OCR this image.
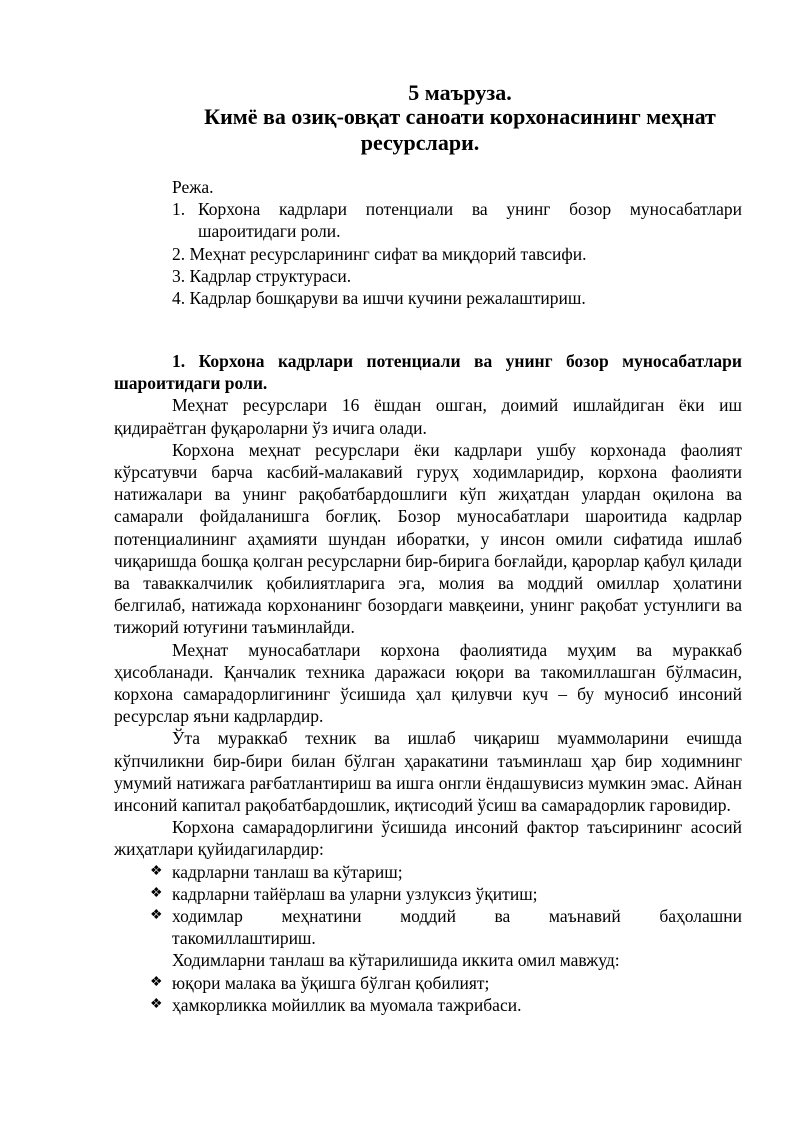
5 маъруза.
Кимё ва озиқ-овқат саноати корхонасининг меҳнат
ресурслари.

Режа.

1. Корхона кадрлари потенциали ва унинг бозор муносабатлари шароитидаги роли.
2. Меҳнат ресурсларининг сифат ва миқдорий тавсифи.
3. Кадрлар структураси.
4. Кадрлар бошқаруви ва ишчи кучини режалаштириш.

1. Корхона кадрлари потенциали ва унинг бозор муносабатлари шароитидаги роли.

Меҳнат ресурслари 16 ёшдан ошган, доимий ишлайдиган ёки иш қидираётган фуқароларни ўз ичига олади.

Корхона меҳнат ресурслари ёки кадрлари ушбу корхонада фаолият кўрсатувчи барча касбий-малакавий гуруҳ ходимларидир, корхона фаолияти натижалари ва унинг рақобатбардошлиги кўп жиҳатдан улардан оқилона ва самарали фойдаланишга боғлиқ. Бозор муносабатлари шароитида кадрлар потенциалининг аҳамияти шундан иборатки, у инсон омили сифатида ишлаб чиқаришда бошқа қолган ресурсларни бир-бирига боғлайди, қарорлар қабул қилади ва таваккалчилик қобилиятларига эга, молия ва моддий омиллар ҳолатини белгилаб, натижада корхонанинг бозордаги мавқеини, унинг рақобат устунлиги ва тижорий ютуғини таъминлайди.

Меҳнат муносабатлари корхона фаолиятида муҳим ва мураккаб ҳисобланади. Қанчалик техника даражаси юқори ва такомиллашган бўлмасин, корхона самарадорлигининг ўсишида ҳал қилувчи куч – бу муносиб инсоний ресурслар яъни кадрлардир.

Ўта мураккаб техник ва ишлаб чиқариш муаммоларини ечишда кўпчиликни бир-бири билан бўлган ҳаракатини таъминлаш ҳар бир ходимнинг умумий натижага рағбатлантириш ва ишга онгли ёндашувисиз мумкин эмас. Айнан инсоний капитал рақобатбардошлик, иқтисодий ўсиш ва самарадорлик гаровидир.

Корхона самарадорлигини ўсишида инсоний фактор таъсирининг асосий жиҳатлари қуйидагилардир:

❖ кадрларни танлаш ва кўтариш;
❖ кадрларни тайёрлаш ва уларни узлуксиз ўқитиш;
❖ ходимлар меҳнатини моддий ва маънавий баҳолашни
такомиллаштириш.

Ходимларни танлаш ва кўтарилишида иккита омил мавжуд:

❖ юқори малака ва ўқишга бўлган қобилият;
❖ ҳамкорликка мойиллик ва муомала тажрибаси.
